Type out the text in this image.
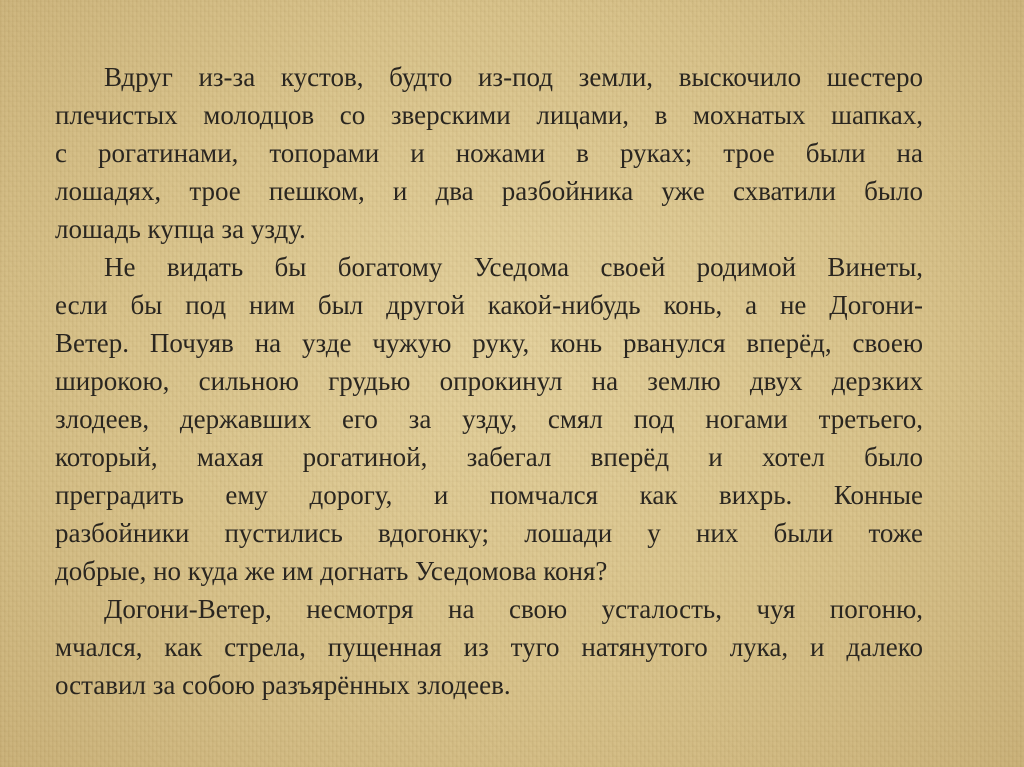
Вдруг из-за кустов, будто из-под земли, выскочило шестеро
плечистых молодцов со зверскими лицами, в мохнатых шапках,
с рогатинами, топорами и ножами в руках; трое были на
лошадях, трое пешком, и два разбойника уже схватили было
лошадь купца за узду.
Не видать бы богатому Уседома своей родимой Винеты,
если бы под ним был другой какой-нибудь конь, а не Догони-
Ветер. Почуяв на узде чужую руку, конь рванулся вперёд, своею
широкою, сильною грудью опрокинул на землю двух дерзких
злодеев, державших его за узду, смял под ногами третьего,
который, махая рогатиной, забегал вперёд и хотел было
преградить ему дорогу, и помчался как вихрь. Конные
разбойники пустились вдогонку; лошади у них были тоже
добрые, но куда же им догнать Уседомова коня?
Догони-Ветер, несмотря на свою усталость, чуя погоню,
мчался, как стрела, пущенная из туго натянутого лука, и далеко
оставил за собою разъярённых злодеев.
